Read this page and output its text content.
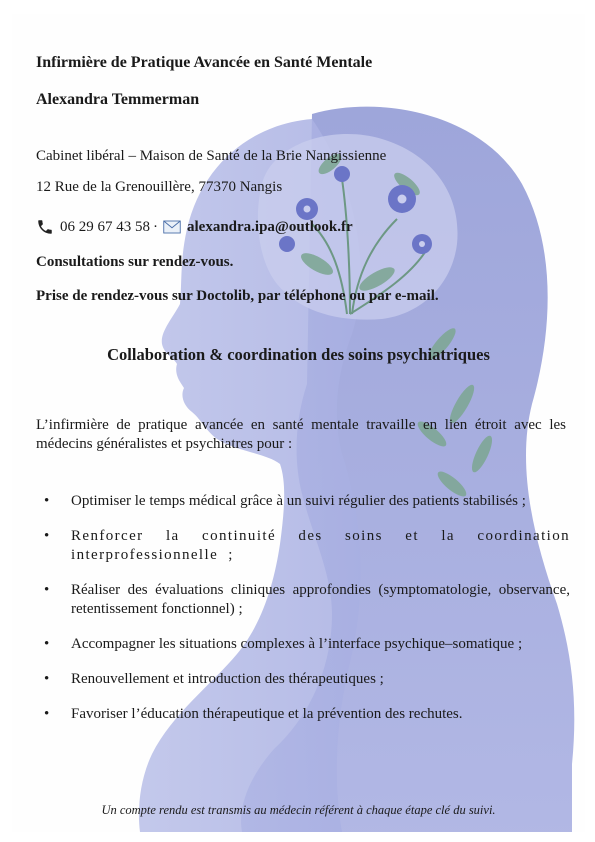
Infirmière de Pratique Avancée en Santé Mentale
Alexandra Temmerman
Cabinet libéral – Maison de Santé de la Brie Nangissienne
12 Rue de la Grenouillère, 77370 Nangis
06 29 67 43 58 · alexandra.ipa@outlook.fr
Consultations sur rendez-vous.
Prise de rendez-vous sur Doctolib, par téléphone ou par e-mail.
Collaboration & coordination des soins psychiatriques
L’infirmière de pratique avancée en santé mentale travaille en lien étroit avec les médecins généralistes et psychiatres pour :
• Optimiser le temps médical grâce à un suivi régulier des patients stabilisés ;
• Renforcer la continuité des soins et la coordination interprofessionnelle ;
• Réaliser des évaluations cliniques approfondies (symptomatologie, observance, retentissement fonctionnel) ;
• Accompagner les situations complexes à l’interface psychique–somatique ;
• Renouvellement et introduction des thérapeutiques ;
• Favoriser l’éducation thérapeutique et la prévention des rechutes.
Un compte rendu est transmis au médecin référent à chaque étape clé du suivi.
